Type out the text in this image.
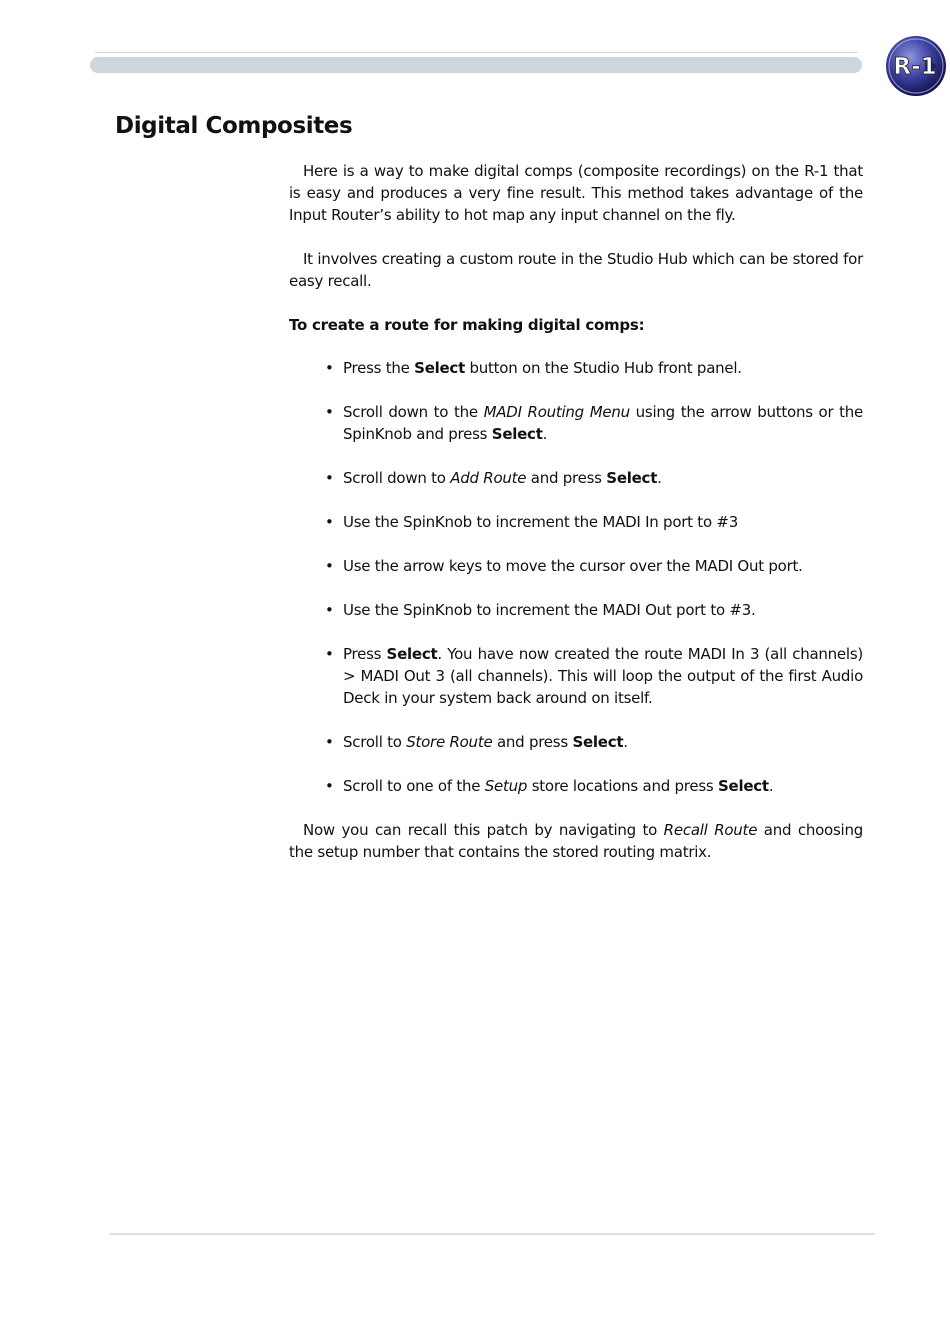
R-1
Digital Composites

Here is a way to make digital comps (composite recordings) on the R-1 that is easy and produces a very fine result. This method takes advantage of the Input Router’s ability to hot map any input channel on the fly.

It involves creating a custom route in the Studio Hub which can be stored for easy recall.

To create a route for making digital comps:

• Press the Select button on the Studio Hub front panel.
• Scroll down to the MADI Routing Menu using the arrow buttons or the SpinKnob and press Select.
• Scroll down to Add Route and press Select.
• Use the SpinKnob to increment the MADI In port to #3
• Use the arrow keys to move the cursor over the MADI Out port.
• Use the SpinKnob to increment the MADI Out port to #3.
• Press Select. You have now created the route MADI In 3 (all channels) > MADI Out 3 (all channels). This will loop the output of the first Audio Deck in your system back around on itself.
• Scroll to Store Route and press Select.
• Scroll to one of the Setup store locations and press Select.

Now you can recall this patch by navigating to Recall Route and choosing the setup number that contains the stored routing matrix.
